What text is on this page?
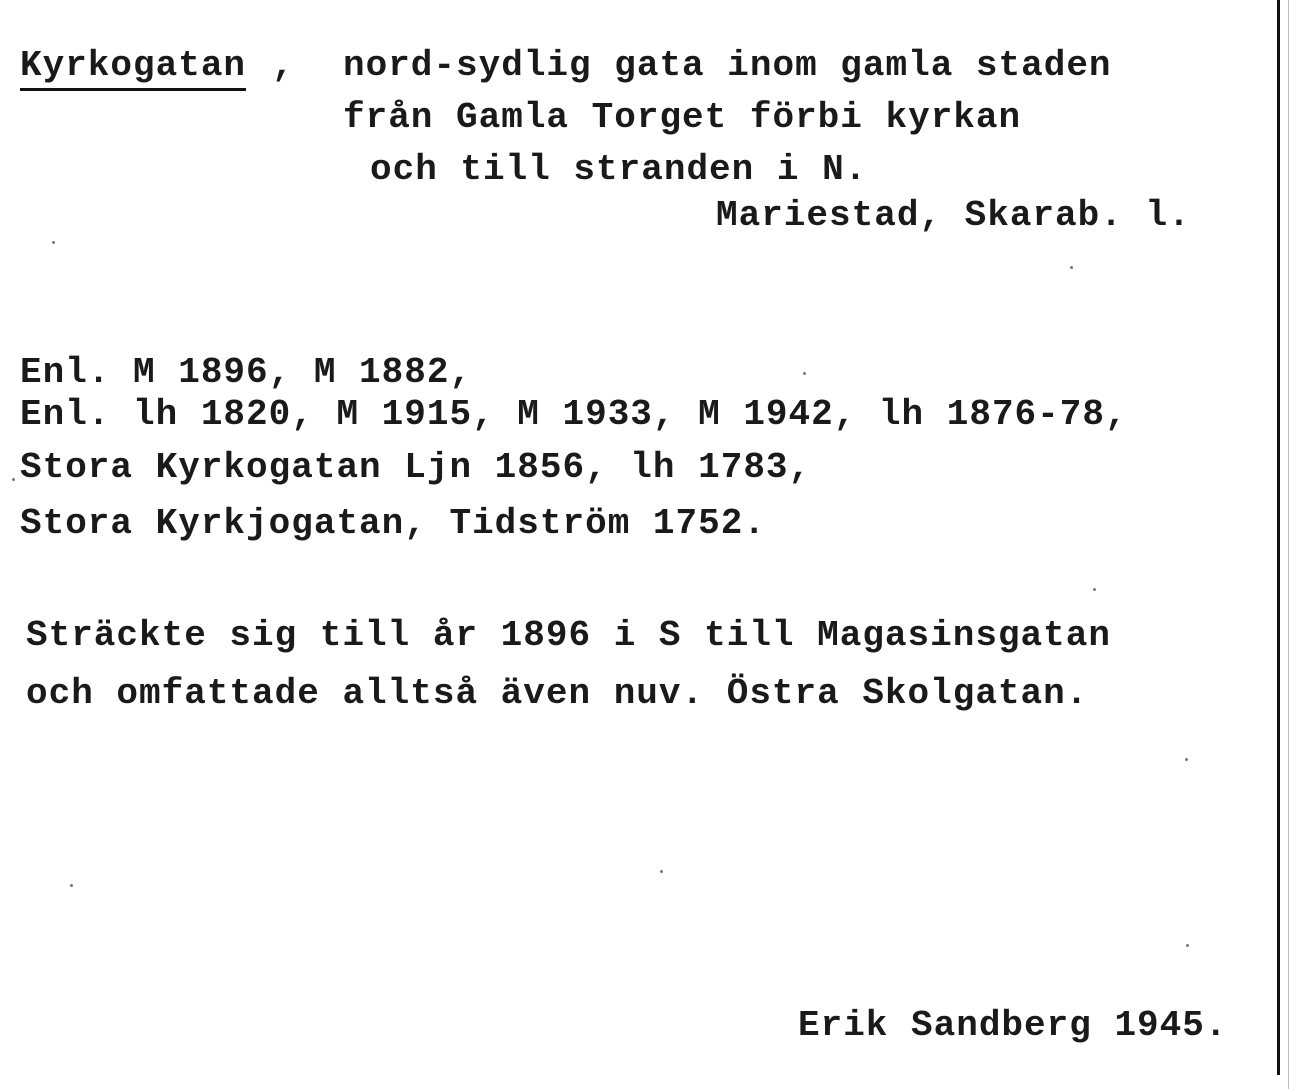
Kyrkogatan , nord-sydlig gata inom gamla staden
från Gamla Torget förbi kyrkan
och till stranden i N.
Mariestad, Skarab. l.
Enl. M 1896, M 1882,
Enl. lh 1820, M 1915, M 1933, M 1942, lh 1876-78,
Stora Kyrkogatan Ljn 1856, lh 1783,
Stora Kyrkjogatan, Tidström 1752.
Sträckte sig till år 1896 i S till Magasinsgatan
och omfattade alltså även nuv. Östra Skolgatan.
Erik Sandberg 1945.
